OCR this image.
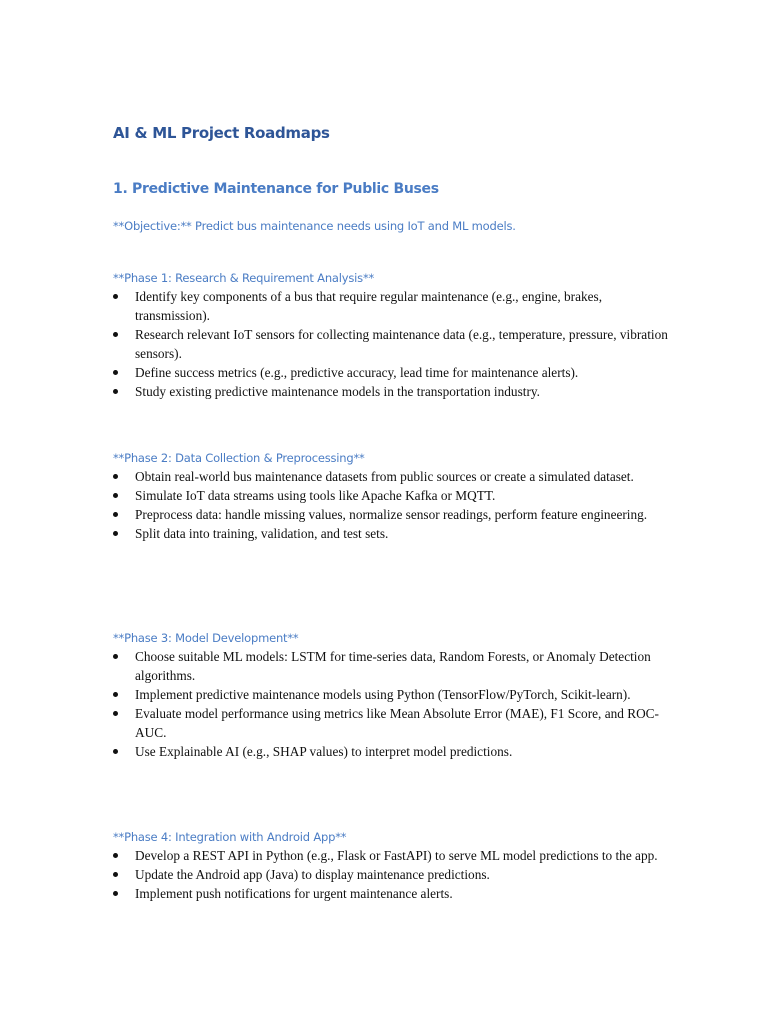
AI & ML Project Roadmaps
1. Predictive Maintenance for Public Buses

**Objective:** Predict bus maintenance needs using IoT and ML models.

**Phase 1: Research & Requirement Analysis**

Identify key components of a bus that require regular maintenance (e.g., engine, brakes, transmission).
Research relevant IoT sensors for collecting maintenance data (e.g., temperature, pressure, vibration sensors).
Define success metrics (e.g., predictive accuracy, lead time for maintenance alerts).
Study existing predictive maintenance models in the transportation industry.

**Phase 2: Data Collection & Preprocessing**

Obtain real-world bus maintenance datasets from public sources or create a simulated dataset.
Simulate IoT data streams using tools like Apache Kafka or MQTT.
Preprocess data: handle missing values, normalize sensor readings, perform feature engineering.
Split data into training, validation, and test sets.

**Phase 3: Model Development**

Choose suitable ML models: LSTM for time-series data, Random Forests, or Anomaly Detection algorithms.
Implement predictive maintenance models using Python (TensorFlow/PyTorch, Scikit-learn).
Evaluate model performance using metrics like Mean Absolute Error (MAE), F1 Score, and ROC-AUC.
Use Explainable AI (e.g., SHAP values) to interpret model predictions.

**Phase 4: Integration with Android App**

Develop a REST API in Python (e.g., Flask or FastAPI) to serve ML model predictions to the app.
Update the Android app (Java) to display maintenance predictions.
Implement push notifications for urgent maintenance alerts.
